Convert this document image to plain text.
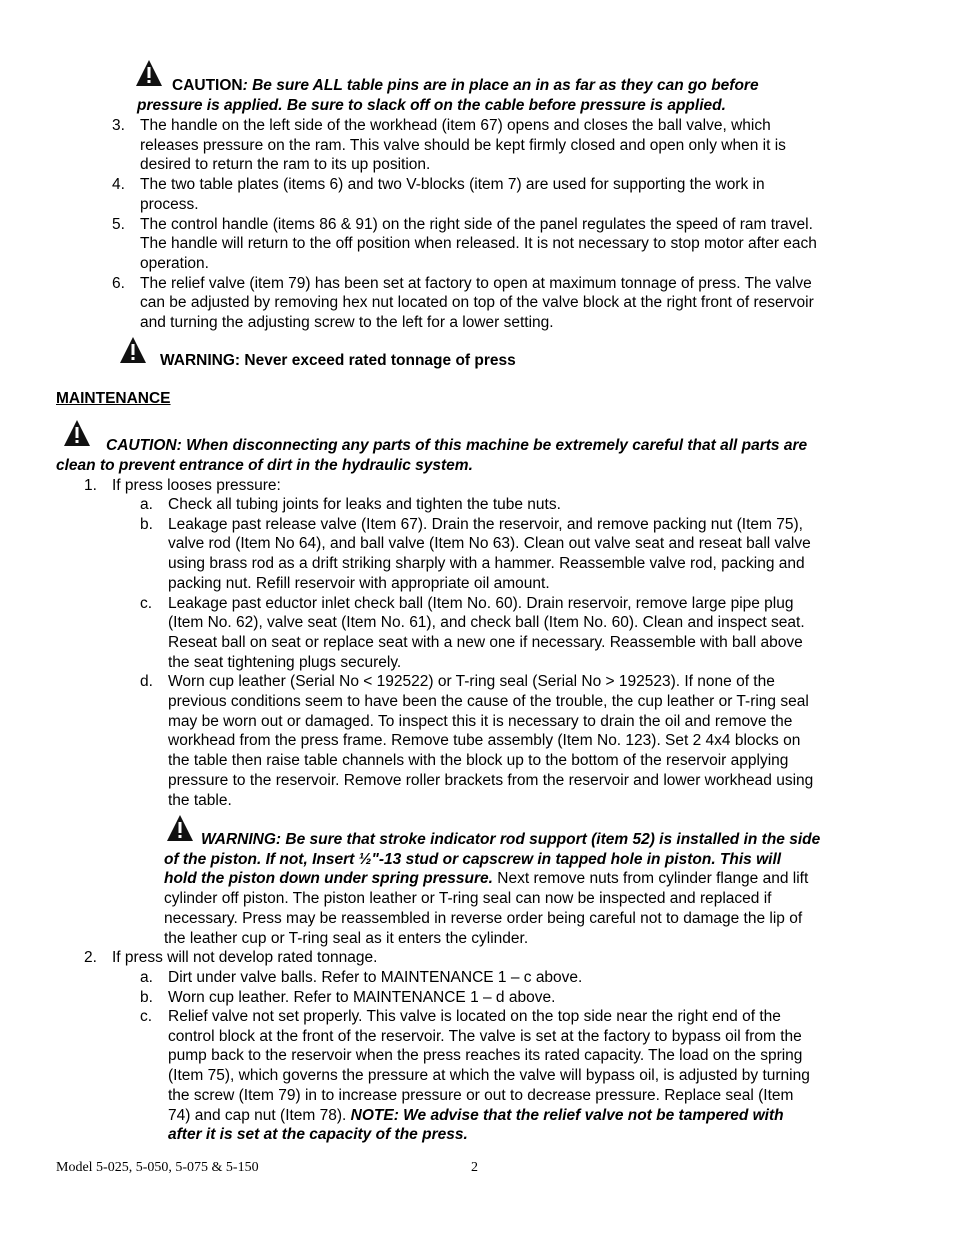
CAUTION: Be sure ALL table pins are in place an in as far as they can go before
pressure is applied. Be sure to slack off on the cable before pressure is applied.
3. The handle on the left side of the workhead (item 67) opens and closes the ball valve, which
releases pressure on the ram. This valve should be kept firmly closed and open only when it is
desired to return the ram to its up position.
4. The two table plates (items 6) and two V-blocks (item 7) are used for supporting the work in
process.
5. The control handle (items 86 & 91) on the right side of the panel regulates the speed of ram travel.
The handle will return to the off position when released. It is not necessary to stop motor after each
operation.
6. The relief valve (item 79) has been set at factory to open at maximum tonnage of press. The valve
can be adjusted by removing hex nut located on top of the valve block at the right front of reservoir
and turning the adjusting screw to the left for a lower setting.
WARNING: Never exceed rated tonnage of press
MAINTENANCE
CAUTION: When disconnecting any parts of this machine be extremely careful that all parts are
clean to prevent entrance of dirt in the hydraulic system.
1. If press looses pressure:
a. Check all tubing joints for leaks and tighten the tube nuts.
b. Leakage past release valve (Item 67). Drain the reservoir, and remove packing nut (Item 75),
valve rod (Item No 64), and ball valve (Item No 63). Clean out valve seat and reseat ball valve
using brass rod as a drift striking sharply with a hammer. Reassemble valve rod, packing and
packing nut. Refill reservoir with appropriate oil amount.
c. Leakage past eductor inlet check ball (Item No. 60). Drain reservoir, remove large pipe plug
(Item No. 62), valve seat (Item No. 61), and check ball (Item No. 60). Clean and inspect seat.
Reseat ball on seat or replace seat with a new one if necessary. Reassemble with ball above
the seat tightening plugs securely.
d. Worn cup leather (Serial No < 192522) or T-ring seal (Serial No > 192523). If none of the
previous conditions seem to have been the cause of the trouble, the cup leather or T-ring seal
may be worn out or damaged. To inspect this it is necessary to drain the oil and remove the
workhead from the press frame. Remove tube assembly (Item No. 123). Set 2 4x4 blocks on
the table then raise table channels with the block up to the bottom of the reservoir applying
pressure to the reservoir. Remove roller brackets from the reservoir and lower workhead using
the table.
WARNING: Be sure that stroke indicator rod support (item 52) is installed in the side
of the piston. If not, Insert ½"-13 stud or capscrew in tapped hole in piston. This will
hold the piston down under spring pressure. Next remove nuts from cylinder flange and lift
cylinder off piston. The piston leather or T-ring seal can now be inspected and replaced if
necessary. Press may be reassembled in reverse order being careful not to damage the lip of
the leather cup or T-ring seal as it enters the cylinder.
2. If press will not develop rated tonnage.
a. Dirt under valve balls. Refer to MAINTENANCE 1 – c above.
b. Worn cup leather. Refer to MAINTENANCE 1 – d above.
c. Relief valve not set properly. This valve is located on the top side near the right end of the
control block at the front of the reservoir. The valve is set at the factory to bypass oil from the
pump back to the reservoir when the press reaches its rated capacity. The load on the spring
(Item 75), which governs the pressure at which the valve will bypass oil, is adjusted by turning
the screw (Item 79) in to increase pressure or out to decrease pressure. Replace seal (Item
74) and cap nut (Item 78). NOTE: We advise that the relief valve not be tampered with
after it is set at the capacity of the press.
Model 5-025, 5-050, 5-075 & 5-150	2
